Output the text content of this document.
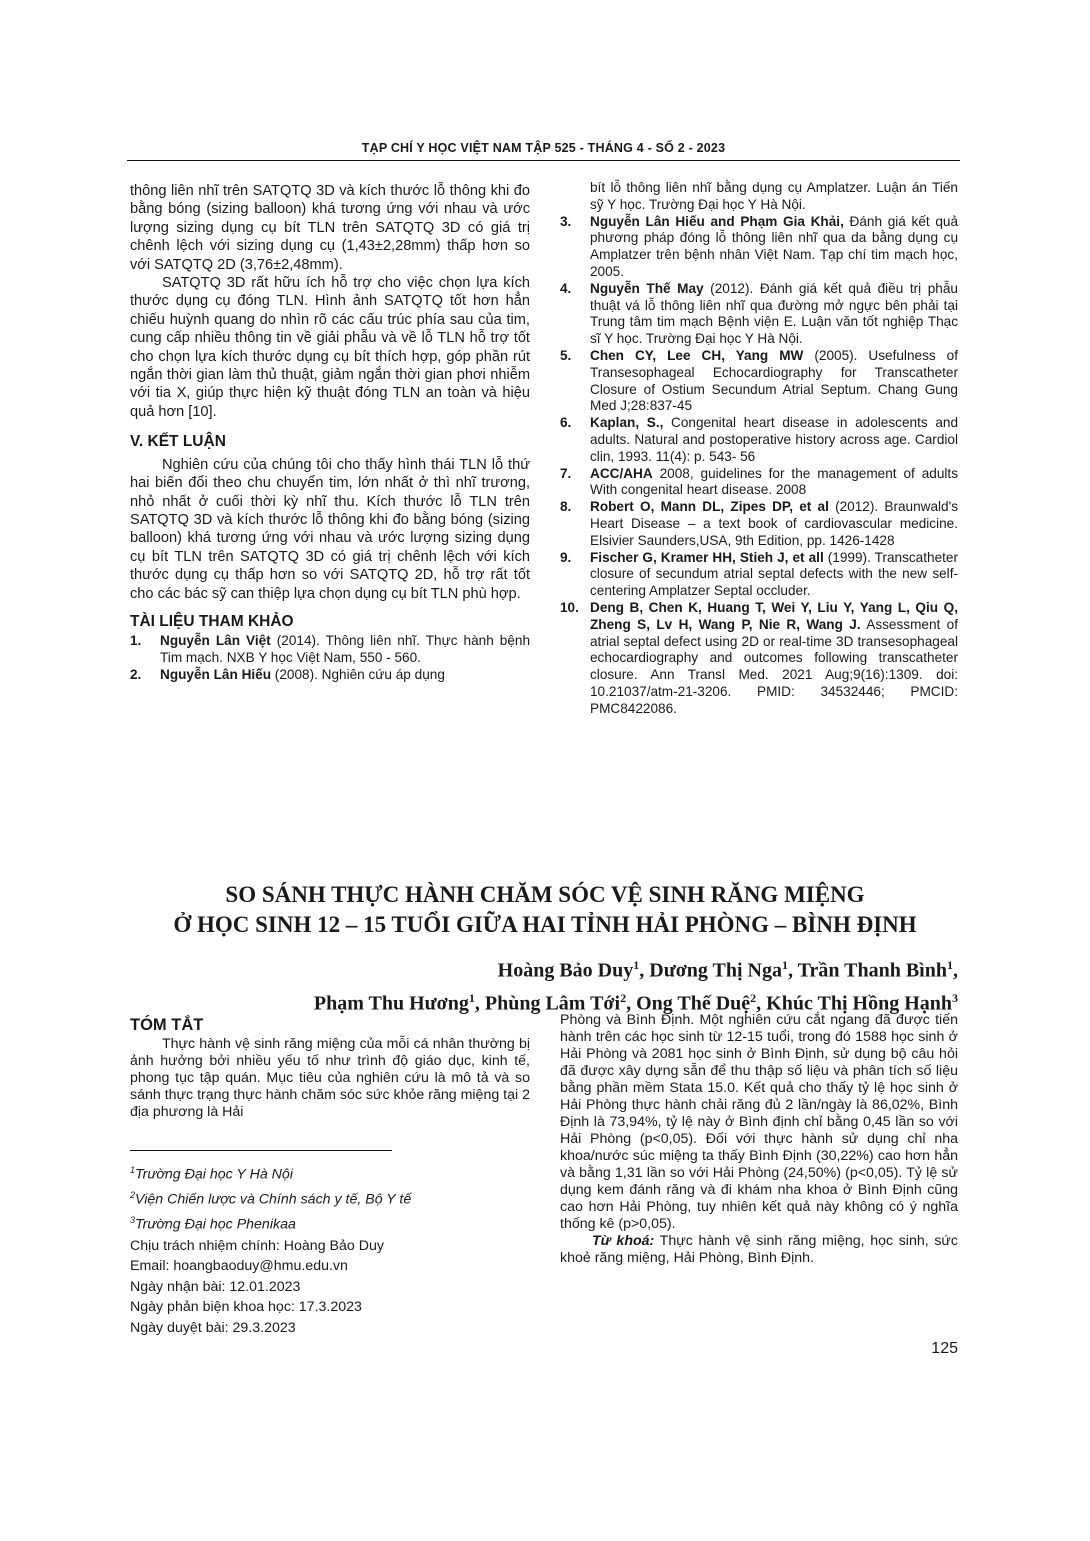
TẠP CHÍ Y HỌC VIỆT NAM TẬP 525 - THÁNG 4 - SỐ 2 - 2023

thông liên nhĩ trên SATQTQ 3D và kích thước lỗ thông khi đo bằng bóng (sizing balloon) khá tương ứng với nhau và ước lượng sizing dụng cụ bít TLN trên SATQTQ 3D có giá trị chênh lệch với sizing dụng cụ (1,43±2,28mm) thấp hơn so với SATQTQ 2D (3,76±2,48mm).

SATQTQ 3D rất hữu ích hỗ trợ cho việc chọn lựa kích thước dụng cụ đóng TLN. Hình ảnh SATQTQ tốt hơn hẳn chiếu huỳnh quang do nhìn rõ các cấu trúc phía sau của tim, cung cấp nhiều thông tin về giải phẫu và về lỗ TLN hỗ trợ tốt cho chọn lựa kích thước dụng cụ bít thích hợp, góp phần rút ngắn thời gian làm thủ thuật, giảm ngắn thời gian phơi nhiễm với tia X, giúp thực hiện kỹ thuật đóng TLN an toàn và hiệu quả hơn [10].

V. KẾT LUẬN

Nghiên cứu của chúng tôi cho thấy hình thái TLN lỗ thứ hai biến đổi theo chu chuyển tim, lớn nhất ở thì nhĩ trương, nhỏ nhất ở cuối thời kỳ nhĩ thu. Kích thước lỗ TLN trên SATQTQ 3D và kích thước lỗ thông khi đo bằng bóng (sizing balloon) khá tương ứng với nhau và ước lượng sizing dụng cụ bít TLN trên SATQTQ 3D có giá trị chênh lệch với kích thước dụng cụ thấp hơn so với SATQTQ 2D, hỗ trợ rất tốt cho các bác sỹ can thiệp lựa chọn dụng cụ bít TLN phù hợp.

TÀI LIỆU THAM KHẢO
1.	Nguyễn Lân Việt (2014). Thông liên nhĩ. Thực hành bệnh Tim mạch. NXB Y học Việt Nam, 550 - 560.
2.	Nguyễn Lân Hiếu (2008). Nghiên cứu áp dụng
bít lỗ thông liên nhĩ bằng dụng cụ Amplatzer. Luận án Tiến sỹ Y học. Trường Đại học Y Hà Nội.
3.	Nguyễn Lân Hiếu and Phạm Gia Khải, Đánh giá kết quả phương pháp đóng lỗ thông liên nhĩ qua da bằng dụng cụ Amplatzer trên bệnh nhân Việt Nam. Tạp chí tim mạch học, 2005.
4.	Nguyễn Thế May (2012). Đánh giá kết quả điều trị phẫu thuật vá lỗ thông liên nhĩ qua đường mở ngực bên phải tại Trung tâm tim mạch Bệnh viện E. Luận văn tốt nghiệp Thạc sĩ Y học. Trường Đại học Y Hà Nội.
5.	Chen CY, Lee CH, Yang MW (2005). Usefulness of Transesophageal Echocardiography for Transcatheter Closure of Ostium Secundum Atrial Septum. Chang Gung Med J;28:837-45
6.	Kaplan, S., Congenital heart disease in adolescents and adults. Natural and postoperative history across age. Cardiol clin, 1993. 11(4): p. 543- 56
7.	ACC/AHA 2008, guidelines for the management of adults With congenital heart disease. 2008
8.	Robert O, Mann DL, Zipes DP, et al (2012). Braunwald's Heart Disease – a text book of cardiovascular medicine. Elsivier Saunders,USA, 9th Edition, pp. 1426-1428
9.	Fischer G, Kramer HH, Stieh J, et all (1999). Transcatheter closure of secundum atrial septal defects with the new self-centering Amplatzer Septal occluder.
10. Deng B, Chen K, Huang T, Wei Y, Liu Y, Yang L, Qiu Q, Zheng S, Lv H, Wang P, Nie R, Wang J. Assessment of atrial septal defect using 2D or real-time 3D transesophageal echocardiography and outcomes following transcatheter closure. Ann Transl Med. 2021 Aug;9(16):1309. doi: 10.21037/atm-21-3206. PMID: 34532446; PMCID: PMC8422086.
SO SÁNH THỰC HÀNH CHĂM SÓC VỆ SINH RĂNG MIỆNG
Ở HỌC SINH 12 – 15 TUỔI GIỮA HAI TỈNH HẢI PHÒNG – BÌNH ĐỊNH
Hoàng Bảo Duy$^1$, Dương Thị Nga$^1$, Trần Thanh Bình$^1$,
Phạm Thu Hương$^1$, Phùng Lâm Tới$^2$, Ong Thế Duệ$^2$, Khúc Thị Hồng Hạnh$^3$
TÓM TẮT

Thực hành vệ sinh răng miệng của mỗi cá nhân thường bị ảnh hưởng bởi nhiều yếu tố như trình độ giáo dục, kinh tế, phong tục tập quán. Mục tiêu của nghiên cứu là mô tả và so sánh thực trạng thực hành chăm sóc sức khỏe răng miệng tại 2 địa phương là Hải

$^1$Trường Đại học Y Hà Nội
$^2$Viện Chiến lược và Chính sách y tế, Bộ Y tế
$^3$Trường Đại học Phenikaa
Chịu trách nhiệm chính: Hoàng Bảo Duy
Email: hoangbaoduy@hmu.edu.vn
Ngày nhận bài: 12.01.2023
Ngày phản biện khoa học: 17.3.2023
Ngày duyệt bài: 29.3.2023

Phòng và Bình Định. Một nghiên cứu cắt ngang đã được tiến hành trên các học sinh từ 12-15 tuổi, trong đó 1588 học sinh ở Hải Phòng và 2081 học sinh ở Bình Định, sử dụng bộ câu hỏi đã được xây dựng sẵn để thu thập số liệu và phân tích số liệu bằng phần mềm Stata 15.0. Kết quả cho thấy tỷ lệ học sinh ở Hải Phòng thực hành chải răng đủ 2 lần/ngày là 86,02%, Bình Định là 73,94%, tỷ lệ này ở Bình định chỉ bằng 0,45 lần so với Hải Phòng (p<0,05). Đối với thực hành sử dụng chỉ nha khoa/nước súc miệng ta thấy Bình Định (30,22%) cao hơn hẳn và bằng 1,31 lần so với Hải Phòng (24,50%) (p<0,05). Tỷ lệ sử dụng kem đánh răng và đi khám nha khoa ở Bình Định cũng cao hơn Hải Phòng, tuy nhiên kết quả này không có ý nghĩa thống kê (p>0,05).

Từ khoá: Thực hành vệ sinh răng miệng, học sinh, sức khoẻ răng miệng, Hải Phòng, Bình Định.

125
